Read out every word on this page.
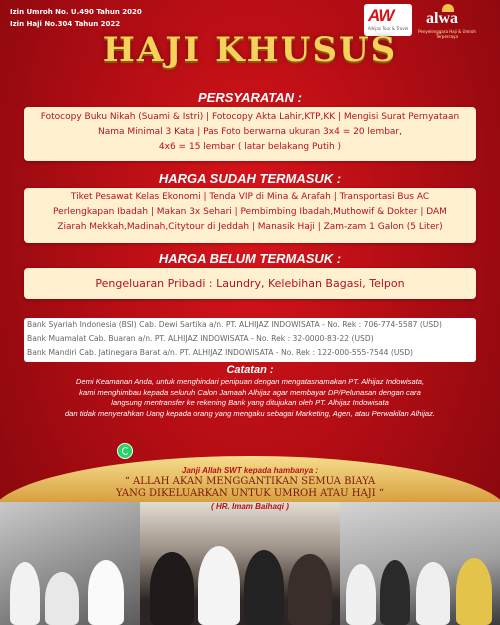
Izin Umroh No. U.490 Tahun 2020
Izin Haji No.304 Tahun 2022	AW
Alhijaz Tour & Travel
alwa
Penyelenggara Haji & Umroh Terpercaya
HAJI KHUSUS
PERSYARATAN :
Fotocopy Buku Nikah (Suami & Istri) | Fotocopy Akta Lahir,KTP,KK | Mengisi Surat Pernyataan
Nama Minimal 3 Kata | Pas Foto berwarna ukuran 3x4 = 20 lembar,
4x6 = 15 lembar ( latar belakang Putih )
HARGA SUDAH TERMASUK :
Tiket Pesawat Kelas Ekonomi | Tenda VIP di Mina & Arafah | Transportasi Bus AC
Perlengkapan Ibadah | Makan 3x Sehari | Pembimbing Ibadah,Muthowif & Dokter | DAM
Ziarah Mekkah,Madinah,Citytour di Jeddah | Manasik Haji | Zam-zam 1 Galon (5 Liter)
HARGA BELUM TERMASUK :
Pengeluaran Pribadi : Laundry, Kelebihan Bagasi, Telpon
Bank Syariah Indonesia (BSI) Cab. Dewi Sartika a/n. PT. ALHIJAZ INDOWISATA - No. Rek : 706-774-5587 (USD)
Bank Muamalat Cab. Buaran a/n. PT. ALHIJAZ INDOWISATA - No. Rek : 32-0000-83-22 (USD)
Bank Mandiri Cab. Jatinegara Barat a/n. PT. ALHIJAZ INDOWISATA - No. Rek : 122-000-555-7544 (USD)
Catatan :
Demi Keamanan Anda, untuk menghindari penipuan dengan mengatasnamakan PT. Alhijaz Indowisata,
kami menghimbau kepada seluruh Calon Jamaah Alhijaz agar membayar DP/Pelunasan dengan cara
langsung mentransfer ke rekening Bank yang ditujukan oleh PT. Alhijaz Indowisata
dan tidak menyerahkan Uang kepada orang yang mengaku sebagai Marketing, Agen, atau Perwakilan Alhijaz.
Janji Allah SWT kepada hambanya :
“ ALLAH AKAN MENGGANTIKAN SEMUA BIAYA
YANG DIKELUARKAN UNTUK UMROH ATAU HAJI “
( HR. Imam Baihaqi )
